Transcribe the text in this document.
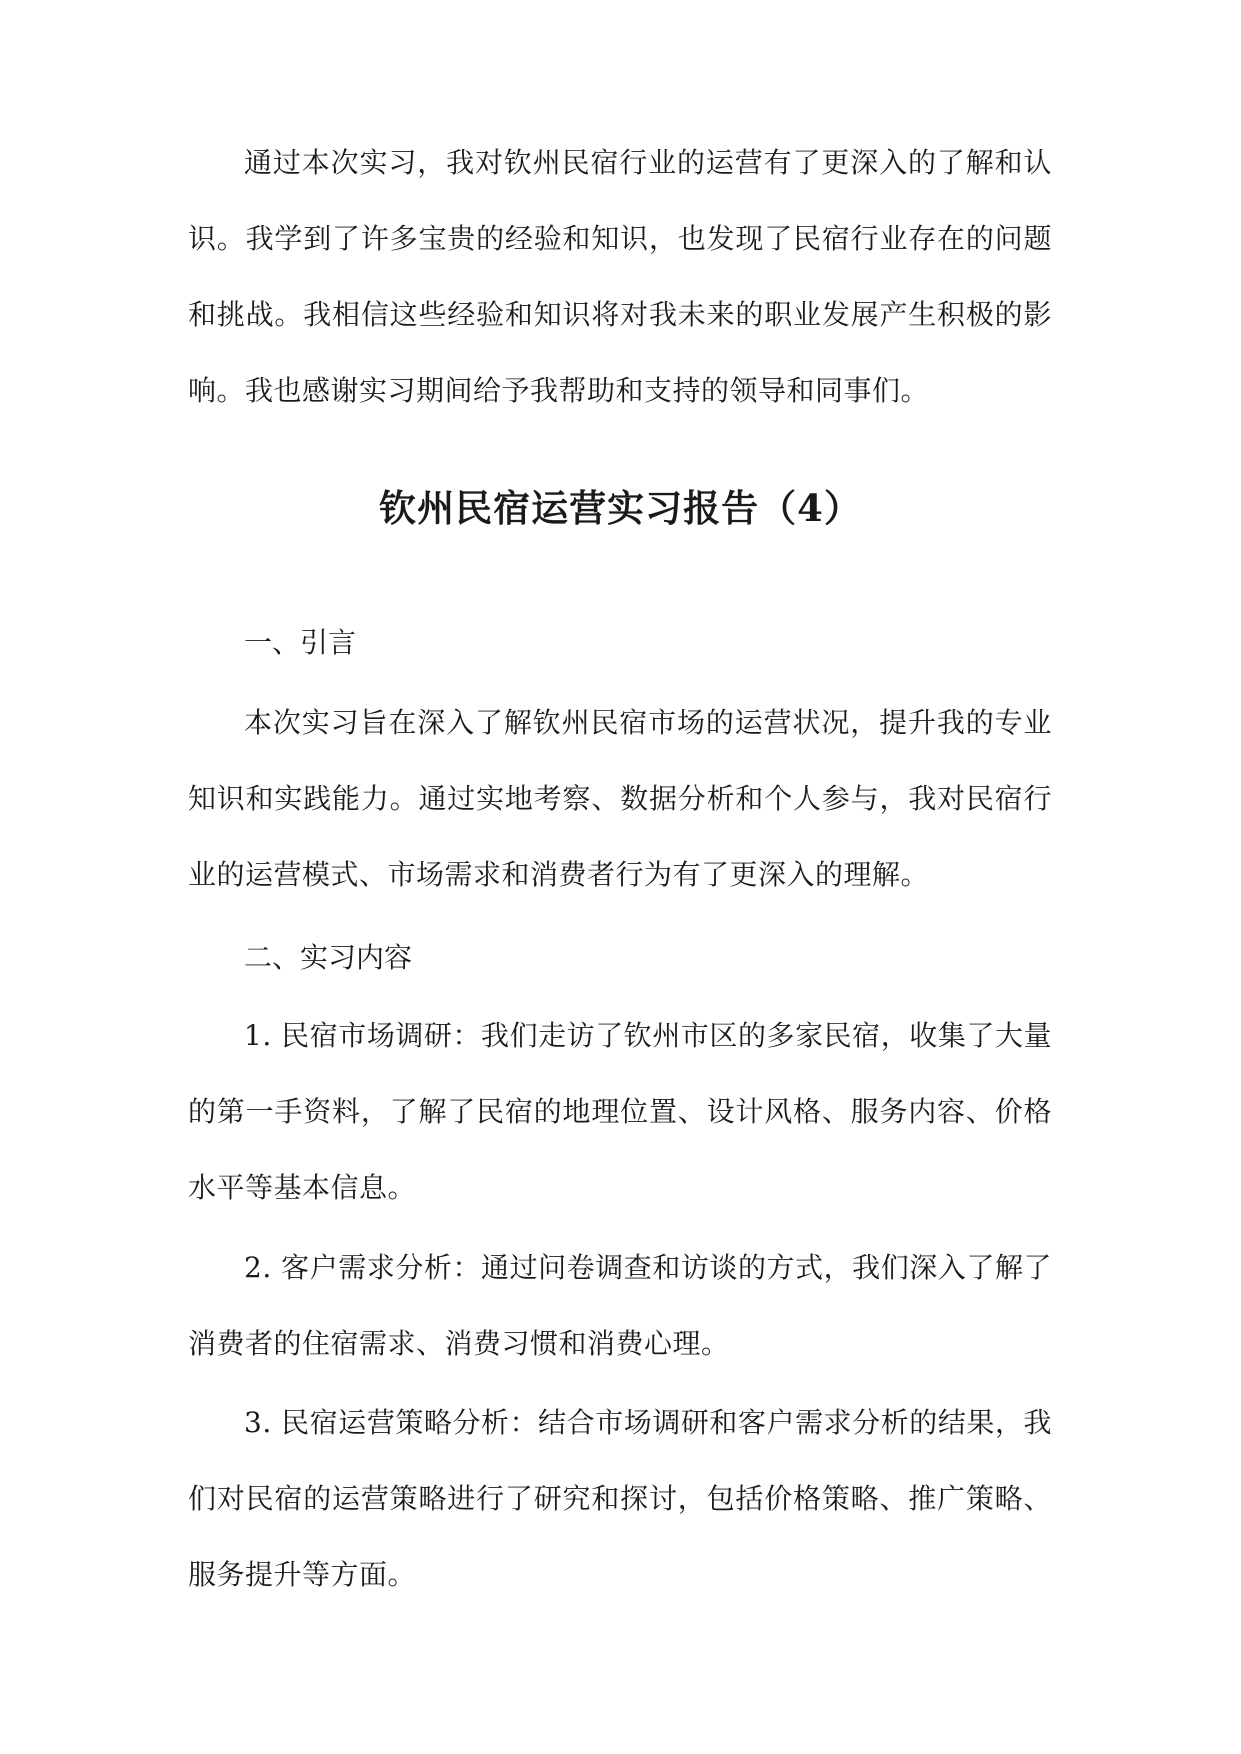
通过本次实习，我对钦州民宿行业的运营有了更深入的了解和认识。我学到了许多宝贵的经验和知识，也发现了民宿行业存在的问题和挑战。我相信这些经验和知识将对我未来的职业发展产生积极的影响。我也感谢实习期间给予我帮助和支持的领导和同事们。

钦州民宿运营实习报告（4）

一、引言

本次实习旨在深入了解钦州民宿市场的运营状况，提升我的专业知识和实践能力。通过实地考察、数据分析和个人参与，我对民宿行业的运营模式、市场需求和消费者行为有了更深入的理解。

二、实习内容

1. 民宿市场调研：我们走访了钦州市区的多家民宿，收集了大量的第一手资料，了解了民宿的地理位置、设计风格、服务内容、价格水平等基本信息。

2. 客户需求分析：通过问卷调查和访谈的方式，我们深入了解了消费者的住宿需求、消费习惯和消费心理。

3. 民宿运营策略分析：结合市场调研和客户需求分析的结果，我们对民宿的运营策略进行了研究和探讨，包括价格策略、推广策略、服务提升等方面。
